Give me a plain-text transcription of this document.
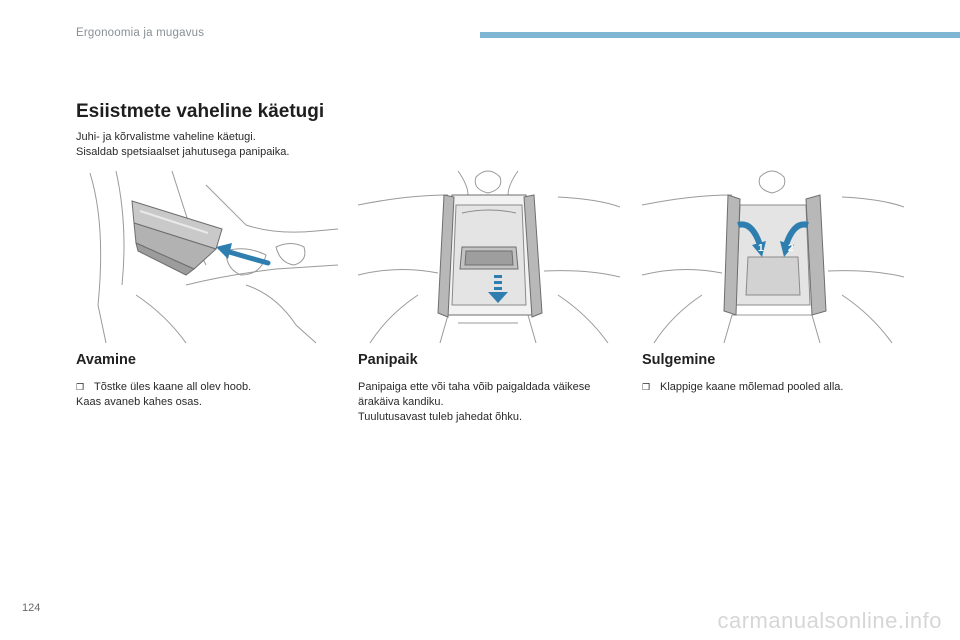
Ergonoomia ja mugavus
Esiistmete vaheline käetugi
Juhi- ja kõrvalistme vaheline käetugi.
Sisaldab spetsiaalset jahutusega panipaika.
1 2
Avamine

❒ Tõstke üles kaane all olev hoob.

Kaas avaneb kahes osas.

Panipaik

Panipaiga ette või taha võib paigaldada väikese

ärakäiva kandiku.

Tuulutusavast tuleb jahedat õhku.

Sulgemine

❒ Klappige kaane mõlemad pooled alla.

124	carmanualsonline.info
